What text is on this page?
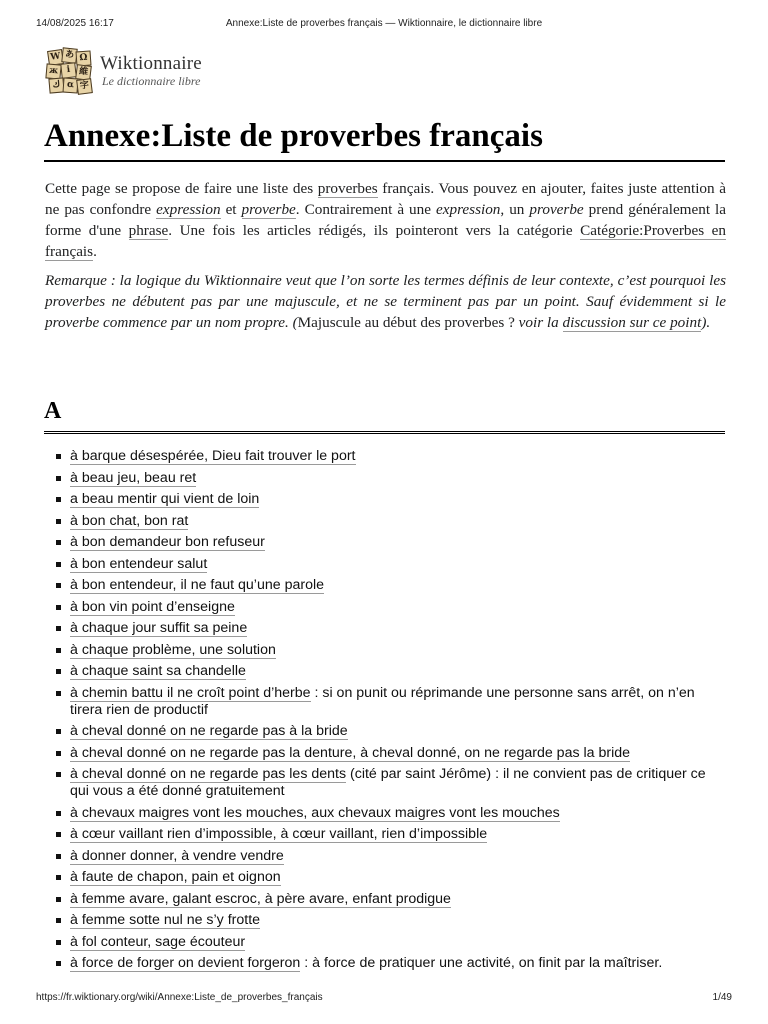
14/08/2025 16:17	Annexe:Liste de proverbes français — Wiktionnaire, le dictionnaire libre
W あ Ω
ж i 維
ك α 字
Wiktionnaire
Le dictionnaire libre
Annexe:Liste de proverbes français

Cette page se propose de faire une liste des proverbes français. Vous pouvez en ajouter, faites juste attention à ne pas confondre expression et proverbe. Contrairement à une expression, un proverbe prend généralement la forme d'une phrase. Une fois les articles rédigés, ils pointeront vers la catégorie Catégorie:Proverbes en français.

Remarque : la logique du Wiktionnaire veut que l’on sorte les termes définis de leur contexte, c’est pourquoi les proverbes ne débutent pas par une majuscule, et ne se terminent pas par un point. Sauf évidemment si le proverbe commence par un nom propre. (Majuscule au début des proverbes ? voir la discussion sur ce point).

A
à barque désespérée, Dieu fait trouver le port
à beau jeu, beau ret
a beau mentir qui vient de loin
à bon chat, bon rat
à bon demandeur bon refuseur
à bon entendeur salut
à bon entendeur, il ne faut qu’une parole
à bon vin point d’enseigne
à chaque jour suffit sa peine
à chaque problème, une solution
à chaque saint sa chandelle
à chemin battu il ne croît point d’herbe : si on punit ou réprimande une personne sans arrêt, on n’en tirera rien de productif
à cheval donné on ne regarde pas à la bride
à cheval donné on ne regarde pas la denture, à cheval donné, on ne regarde pas la bride
à cheval donné on ne regarde pas les dents (cité par saint Jérôme) : il ne convient pas de critiquer ce qui vous a été donné gratuitement
à chevaux maigres vont les mouches, aux chevaux maigres vont les mouches
à cœur vaillant rien d’impossible, à cœur vaillant, rien d’impossible
à donner donner, à vendre vendre
à faute de chapon, pain et oignon
à femme avare, galant escroc, à père avare, enfant prodigue
à femme sotte nul ne s’y frotte
à fol conteur, sage écouteur
à force de forger on devient forgeron : à force de pratiquer une activité, on finit par la maîtriser.
https://fr.wiktionary.org/wiki/Annexe:Liste_de_proverbes_français	1/49
